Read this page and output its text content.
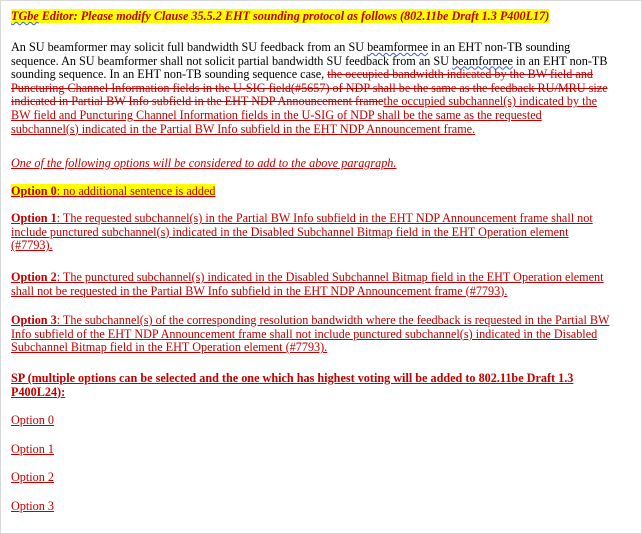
TGbe Editor: Please modify Clause 35.5.2 EHT sounding protocol as follows (802.11be Draft 1.3 P400L17)
An SU beamformer may solicit full bandwidth SU feedback from an SU beamformee in an EHT non-TB sounding sequence. An SU beamformer shall not solicit partial bandwidth SU feedback from an SU beamformee in an EHT non-TB sounding sequence. In an EHT non-TB sounding sequence case, the occupied bandwidth indicated by the BW field and Puncturing Channel Information fields in the U-SIG field(#5657) of NDP shall be the same as the feedback RU/MRU size indicated in Partial BW Info subfield in the EHT NDP Announcement framethe occupied subchannel(s) indicated by the BW field and Puncturing Channel Information fields in the U-SIG of NDP shall be the same as the requested subchannel(s) indicated in the Partial BW Info subfield in the EHT NDP Announcement frame.
One of the following options will be considered to add to the above paragraph.
Option 0: no additional sentence is added
Option 1: The requested subchannel(s) in the Partial BW Info subfield in the EHT NDP Announcement frame shall not include punctured subchannel(s) indicated in the Disabled Subchannel Bitmap field in the EHT Operation element (#7793).
Option 2: The punctured subchannel(s) indicated in the Disabled Subchannel Bitmap field in the EHT Operation element shall not be requested in the Partial BW Info subfield in the EHT NDP Announcement frame (#7793).
Option 3: The subchannel(s) of the corresponding resolution bandwidth where the feedback is requested in the Partial BW Info subfield of the EHT NDP Announcement frame shall not include punctured subchannel(s) indicated in the Disabled Subchannel Bitmap field in the EHT Operation element (#7793).
SP (multiple options can be selected and the one which has highest voting will be added to 802.11be Draft 1.3 P400L24):
Option 0
Option 1
Option 2
Option 3
